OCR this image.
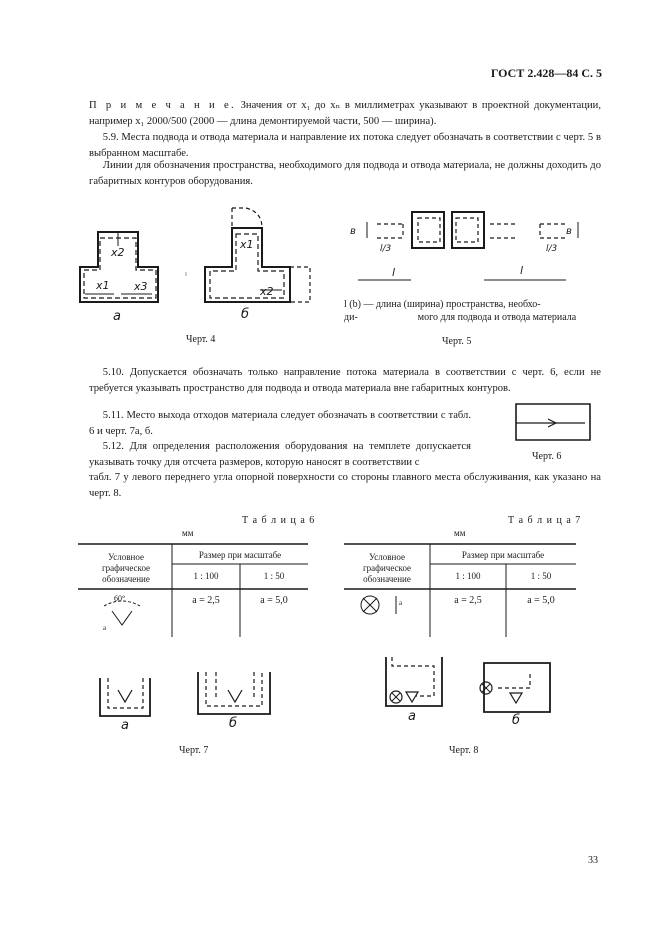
ГОСТ 2.428—84 С. 5
П р и м е ч а н и е. Значения от x₁ до xₙ в миллиметрах указывают в проектной документации, например x₁ 2000/500 (2000 — длина демонтируемой части, 500 — ширина).
5.9. Места подвода и отвода материала и направление их потока следует обозначать в соответствии с черт. 5 в выбранном масштабе.
Линии для обозначения пространства, необходимого для подвода и отвода материала, не должны доходить до габаритных контуров оборудования.
x2
x1 x3
x1
x2
а	б
Черт. 4
в
l/3
l	l
l/3
в
l (b) — длина (ширина) пространства, необхо-
ди-                        мого для подвода и отвода материала
Черт. 5
5.10. Допускается обозначать только направление потока материала в соответствии с черт. 6, если не требуется указывать пространство для подвода и отвода материала вне габаритных контуров.
5.11. Место выхода отходов материала следует обозначать в соответствии с табл. 6 и черт. 7а, б.
5.12. Для определения расположения оборудования на темплете допускается указывать точку для отсчета размеров, которую наносят в соответствии с
табл. 7 у левого переднего угла опорной поверхности со стороны главного места обслуживания, как указано на черт. 8.
Черт. 6
Т а б л и ц а 6
мм
Условное графическое обозначение
Размер при масштабе
1 : 100	1 : 50
a = 2,5	a = 5,0
60°
a
Т а б л и ц а 7
мм
Условное графическое обозначение
Размер при масштабе
1 : 100	1 : 50
a = 2,5	a = 5,0
a
а	б
Черт. 7
а	б
Черт. 8
33
